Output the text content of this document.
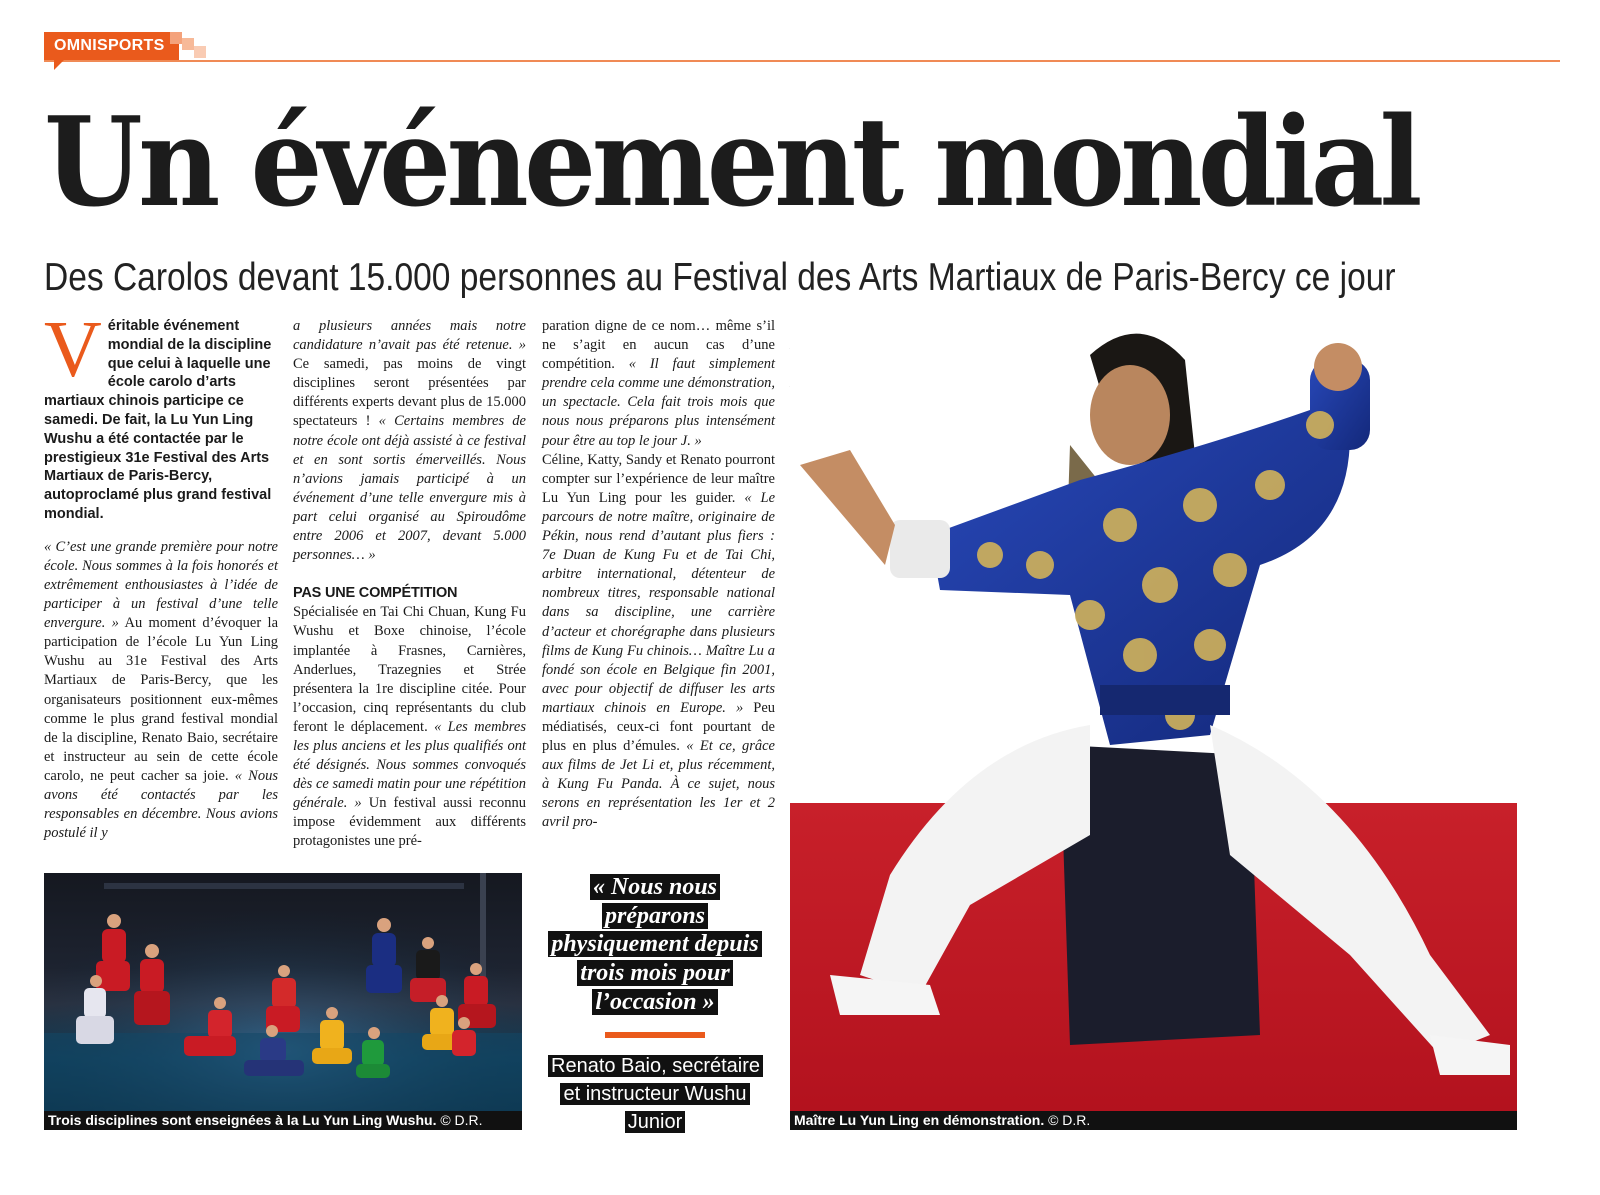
OMNISPORTS
Un événement mondial
Des Carolos devant 15.000 personnes au Festival des Arts Martiaux de Paris-Bercy ce jour

Véritable événement mondial de la discipline que celui à laquelle une école carolo d’arts martiaux chinois participe ce samedi. De fait, la Lu Yun Ling Wushu a été contactée par le prestigieux 31e Festival des Arts Martiaux de Paris-Bercy, autoproclamé plus grand festival mondial.

« C’est une grande première pour notre école. Nous sommes à la fois honorés et extrêmement enthousiastes à l’idée de participer à un festival d’une telle envergure. » Au moment d’évoquer la participation de l’école Lu Yun Ling Wushu au 31e Festival des Arts Martiaux de Paris-Bercy, que les organisateurs positionnent eux-mêmes comme le plus grand festival mondial de la discipline, Renato Baio, secrétaire et instructeur au sein de cette école carolo, ne peut cacher sa joie. « Nous avons été contactés par les responsables en décembre. Nous avions postulé il y

a plusieurs années mais notre candidature n’avait pas été retenue. » Ce samedi, pas moins de vingt disciplines seront présentées par différents experts devant plus de 15.000 spectateurs ! « Certains membres de notre école ont déjà assisté à ce festival et en sont sortis émerveillés. Nous n’avions jamais participé à un événement d’une telle envergure mis à part celui organisé au Spiroudôme entre 2006 et 2007, devant 5.000 personnes… »

PAS UNE COMPÉTITION

Spécialisée en Tai Chi Chuan, Kung Fu Wushu et Boxe chinoise, l’école implantée à Frasnes, Carnières, Anderlues, Trazegnies et Strée présentera la 1re discipline citée. Pour l’occasion, cinq représentants du club feront le déplacement. « Les membres les plus anciens et les plus qualifiés ont été désignés. Nous sommes convoqués dès ce samedi matin pour une répétition générale. » Un festival aussi reconnu impose évidemment aux différents protagonistes une pré-

paration digne de ce nom… même s’il ne s’agit en aucun cas d’une compétition. « Il faut simplement prendre cela comme une démonstration, un spectacle. Cela fait trois mois que nous nous préparons plus intensément pour être au top le jour J. »

Céline, Katty, Sandy et Renato pourront compter sur l’expérience de leur maître Lu Yun Ling pour les guider. « Le parcours de notre maître, originaire de Pékin, nous rend d’autant plus fiers : 7e Duan de Kung Fu et de Tai Chi, arbitre international, détenteur de nombreux titres, responsable national dans sa discipline, une carrière d’acteur et chorégraphe dans plusieurs films de Kung Fu chinois… Maître Lu a fondé son école en Belgique fin 2001, avec pour objectif de diffuser les arts martiaux chinois en Europe. » Peu médiatisés, ceux-ci font pourtant de plus en plus d’émules. « Et ce, grâce aux films de Jet Li et, plus récemment, à Kung Fu Panda. À ce sujet, nous serons en représentation les 1er et 2 avril pro-

Trois disciplines sont enseignées à la Lu Yun Ling Wushu. © D.R.
« Nous nous préparons physiquement depuis trois mois pour l’occasion »
Renato Baio, secrétaire et instructeur Wushu Junior	Maître Lu Yun Ling en démonstration. © D.R.
